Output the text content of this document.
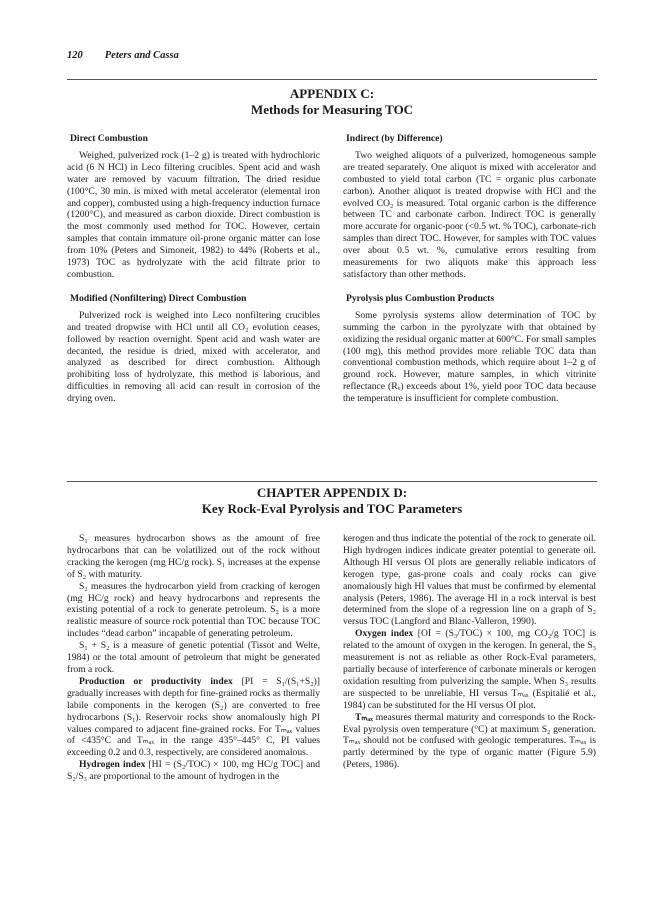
120 Peters and Cassa
APPENDIX C:
Methods for Measuring TOC
Direct Combustion

Weighed, pulverized rock (1–2 g) is treated with hydrochloric acid (6 N HCl) in Leco filtering crucibles. Spent acid and wash water are removed by vacuum filtration. The dried residue (100°C, 30 min. is mixed with metal accelerator (elemental iron and copper), combusted using a high-frequency induction furnace (1200°C), and measured as carbon dioxide. Direct combustion is the most commonly used method for TOC. However, certain samples that contain immature oil-prone organic matter can lose from 10% (Peters and Simoneit, 1982) to 44% (Roberts et al., 1973) TOC as hydrolyzate with the acid filtrate prior to combustion.

Modified (Nonfiltering) Direct Combustion

Pulverized rock is weighed into Leco nonfiltering crucibles and treated dropwise with HCl until all CO₂ evolution ceases, followed by reaction overnight. Spent acid and wash water are decanted, the residue is dried, mixed with accelerator, and analyzed as described for direct combustion. Although prohibiting loss of hydrolyzate, this method is laborious, and difficulties in removing all acid can result in corrosion of the drying oven.

Indirect (by Difference)

Two weighed aliquots of a pulverized, homogeneous sample are treated separately. One aliquot is mixed with accelerator and combusted to yield total carbon (TC = organic plus carbonate carbon). Another aliquot is treated dropwise with HCl and the evolved CO₂ is measured. Total organic carbon is the difference between TC and carbonate carbon. Indirect TOC is generally more accurate for organic-poor (<0.5 wt. % TOC), carbonate-rich samples than direct TOC. However, for samples with TOC values over about 0.5 wt. %, cumulative errors resulting from measurements for two aliquots make this approach less satisfactory than other methods.

Pyrolysis plus Combustion Products

Some pyrolysis systems allow determination of TOC by summing the carbon in the pyrolyzate with that obtained by oxidizing the residual organic matter at 600°C. For small samples (100 mg), this method provides more reliable TOC data than conventional combustion methods, which require about 1–2 g of ground rock. However, mature samples, in which vitrinite reflectance (Rₒ) exceeds about 1%, yield poor TOC data because the temperature is insufficient for complete combustion.

CHAPTER APPENDIX D:
Key Rock-Eval Pyrolysis and TOC Parameters

S₁ measures hydrocarbon shows as the amount of free hydrocarbons that can be volatilized out of the rock without cracking the kerogen (mg HC/g rock). S₁ increases at the expense of S₂ with maturity.

S₂ measures the hydrocarbon yield from cracking of kerogen (mg HC/g rock) and heavy hydrocarbons and represents the existing potential of a rock to generate petroleum. S₂ is a more realistic measure of source rock potential than TOC because TOC includes “dead carbon” incapable of generating petroleum.

S₁ + S₂ is a measure of genetic potential (Tissot and Welte, 1984) or the total amount of petroleum that might be generated from a rock.

Production or productivity index [PI = S₁/(S₁+S₂)] gradually increases with depth for fine-grained rocks as thermally labile components in the kerogen (S₂) are converted to free hydrocarbons (S₁). Reservoir rocks show anomalously high PI values compared to adjacent fine-grained rocks. For Tₘₐₓ values of <435°C and Tₘₐₓ in the range 435°–445° C, PI values exceeding 0.2 and 0.3, respectively, are considered anomalous.

Hydrogen index [HI = (S₂/TOC) × 100, mg HC/g TOC] and S₂/S₃ are proportional to the amount of hydrogen in the

kerogen and thus indicate the potential of the rock to generate oil. High hydrogen indices indicate greater potential to generate oil. Although HI versus OI plots are generally reliable indicators of kerogen type, gas-prone coals and coaly rocks can give anomalously high HI values that must be confirmed by elemental analysis (Peters, 1986). The average HI in a rock interval is best determined from the slope of a regression line on a graph of S₂ versus TOC (Langford and Blanc-Valleron, 1990).

Oxygen index [OI = (S₃/TOC) × 100, mg CO₂/g TOC] is related to the amount of oxygen in the kerogen. In general, the S₃ measurement is not as reliable as other Rock-Eval parameters, partially because of interference of carbonate minerals or kerogen oxidation resulting from pulverizing the sample. When S₃ results are suspected to be unreliable, HI versus Tₘₐₓ (Espitalié et al., 1984) can be substituted for the HI versus OI plot.

Tₘₐₓ measures thermal maturity and corresponds to the Rock-Eval pyrolysis oven temperature (°C) at maximum S₂ generation. Tₘₐₓ should not be confused with geologic temperatures. Tₘₐₓ is partly determined by the type of organic matter (Figure 5.9) (Peters, 1986).
